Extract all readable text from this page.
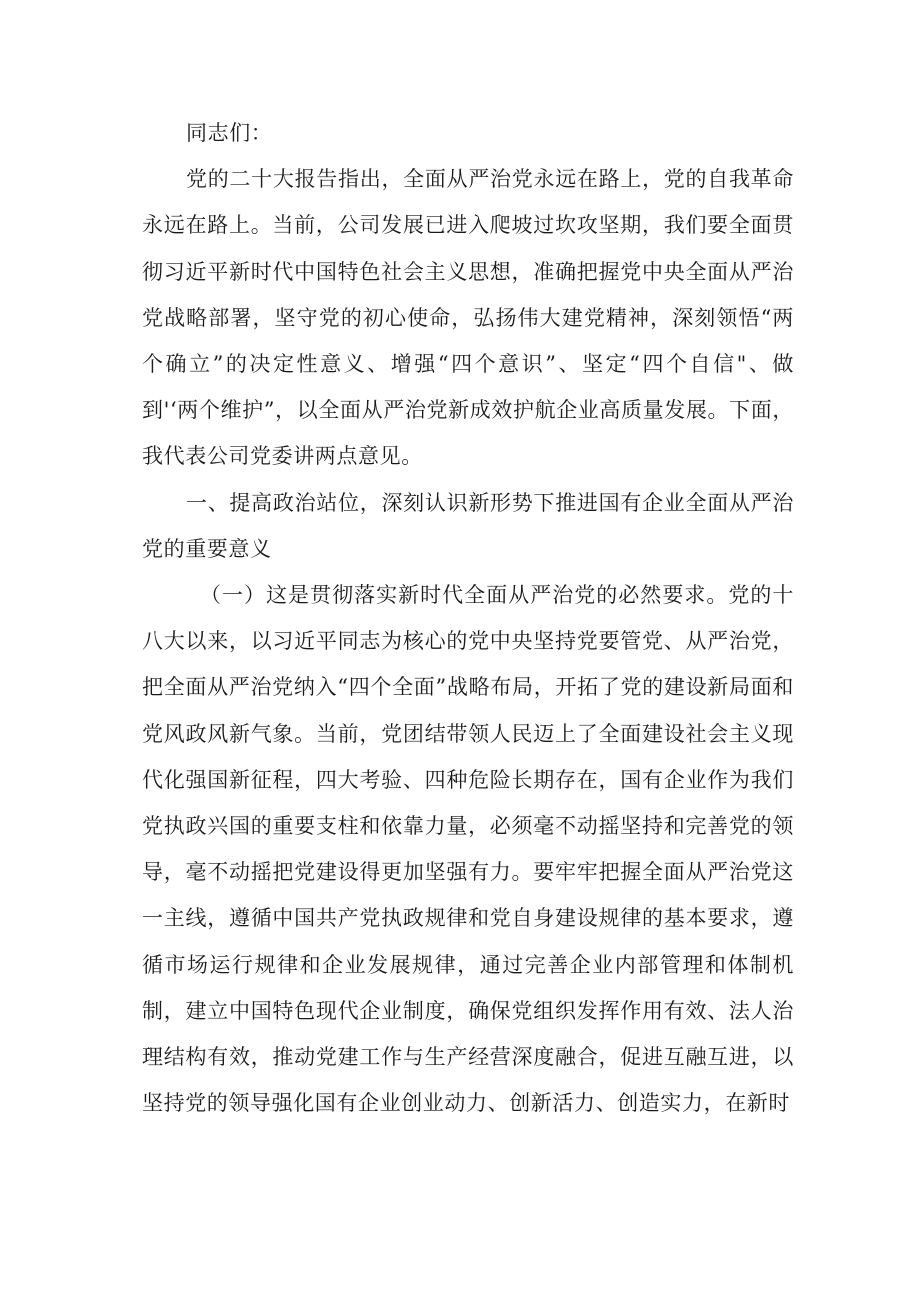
同志们：

党的二十大报告指出，全面从严治党永远在路上，党的自我革命永远在路上。当前，公司发展已进入爬坡过坎攻坚期，我们要全面贯彻习近平新时代中国特色社会主义思想，准确把握党中央全面从严治党战略部署，坚守党的初心使命，弘扬伟大建党精神，深刻领悟“两个确立”的决定性意义、增强“四个意识”、坚定“四个自信"、做到'‘两个维护”，以全面从严治党新成效护航企业高质量发展。下面，我代表公司党委讲两点意见。

一、提高政治站位，深刻认识新形势下推进国有企业全面从严治党的重要意义

（一）这是贯彻落实新时代全面从严治党的必然要求。党的十八大以来，以习近平同志为核心的党中央坚持党要管党、从严治党，把全面从严治党纳入“四个全面”战略布局，开拓了党的建设新局面和党风政风新气象。当前，党团结带领人民迈上了全面建设社会主义现代化强国新征程，四大考验、四种危险长期存在，国有企业作为我们党执政兴国的重要支柱和依靠力量，必须毫不动摇坚持和完善党的领导，毫不动摇把党建设得更加坚强有力。要牢牢把握全面从严治党这一主线，遵循中国共产党执政规律和党自身建设规律的基本要求，遵循市场运行规律和企业发展规律，通过完善企业内部管理和体制机制，建立中国特色现代企业制度，确保党组织发挥作用有效、法人治理结构有效，推动党建工作与生产经营深度融合，促进互融互进，以坚持党的领导强化国有企业创业动力、创新活力、创造实力，在新时
